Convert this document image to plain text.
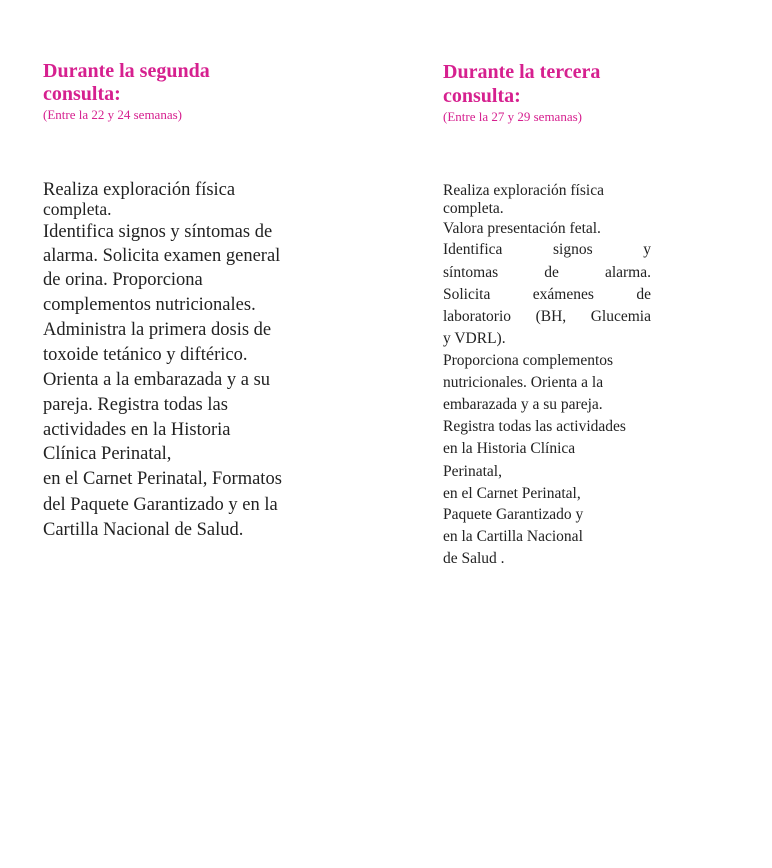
Durante la segunda

consulta:

(Entre la 22 y 24 semanas)

Realiza exploración física

completa.

Identifica signos y síntomas de

alarma. Solicita examen general

de orina. Proporciona

complementos nutricionales.

Administra la primera dosis de

toxoide tetánico y diftérico.

Orienta a la embarazada y a su

pareja. Registra todas las

actividades en la Historia

Clínica Perinatal,

en el Carnet Perinatal, Formatos

del Paquete Garantizado y en la

Cartilla Nacional de Salud.

Durante la tercera

consulta:

(Entre la 27 y 29 semanas)

Realiza exploración física

completa.

Valora presentación fetal.

Identifica	signos	y

síntomas	de	alarma.

Solicita	exámenes	de

laboratorio (BH, Glucemia

y VDRL).

Proporciona complementos

nutricionales. Orienta a la

embarazada y a su pareja.

Registra todas las actividades

en la Historia Clínica

Perinatal,

en el Carnet Perinatal,

Paquete Garantizado y

en la Cartilla Nacional

de Salud .
